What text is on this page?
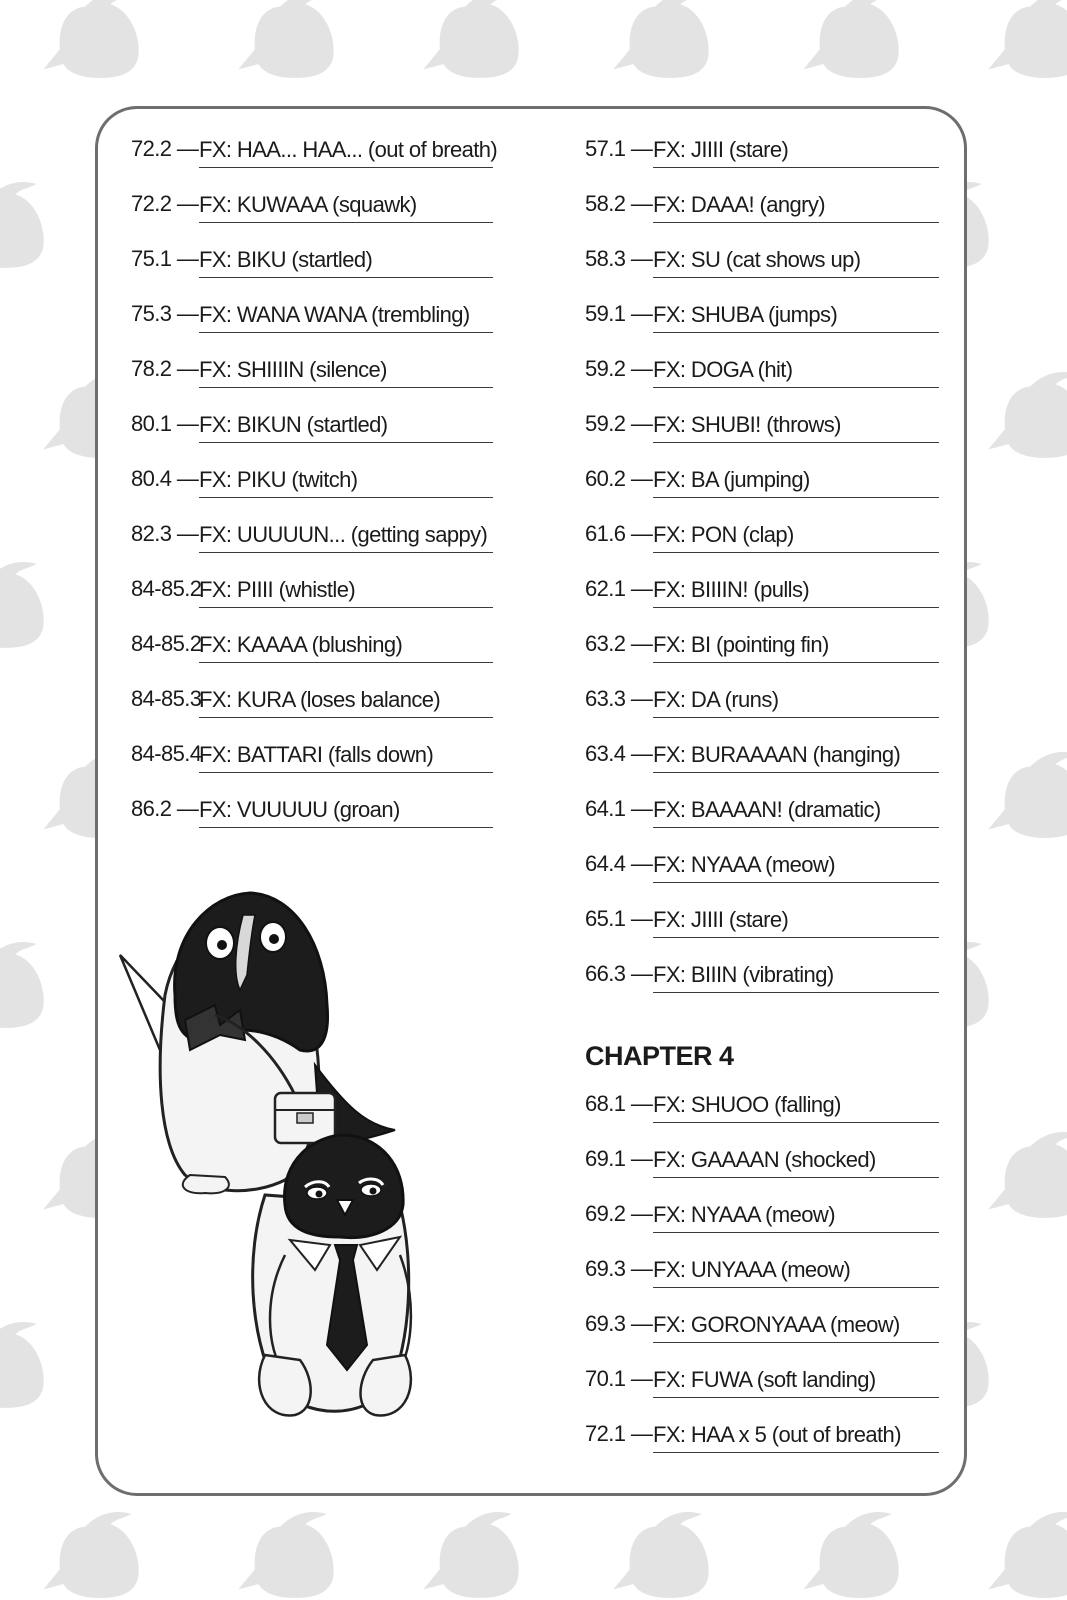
72.2 — FX: HAA... HAA... (out of breath)
72.2 — FX: KUWAAA (squawk)
75.1 — FX: BIKU (startled)
75.3 — FX: WANA WANA (trembling)
78.2 — FX: SHIIIIN (silence)
80.1 — FX: BIKUN (startled)
80.4 — FX: PIKU (twitch)
82.3 — FX: UUUUUN... (getting sappy)
84-85.2
FX: PIIII (whistle)
84-85.2
FX: KAAAA (blushing)
84-85.3
FX: KURA (loses balance)
84-85.4
FX: BATTARI (falls down)
86.2 — FX: VUUUUU (groan)
57.1 — FX: JIIII (stare)
58.2 — FX: DAAA! (angry)
58.3 — FX: SU (cat shows up)
59.1 — FX: SHUBA (jumps)
59.2 — FX: DOGA (hit)
59.2 — FX: SHUBI! (throws)
60.2 — FX: BA (jumping)
61.6 — FX: PON (clap)
62.1 — FX: BIIIIN! (pulls)
63.2 — FX: BI (pointing fin)
63.3 — FX: DA (runs)
63.4 — FX: BURAAAAN (hanging)
64.1 — FX: BAAAAN! (dramatic)
64.4 — FX: NYAAA (meow)
65.1 — FX: JIIII (stare)
66.3 — FX: BIIIN (vibrating)
CHAPTER 4
68.1 — FX: SHUOO (falling)
69.1 — FX: GAAAAN (shocked)
69.2 — FX: NYAAA (meow)
69.3 — FX: UNYAAA (meow)
69.3 — FX: GORONYAAA (meow)
70.1 — FX: FUWA (soft landing)
72.1 — FX: HAA x 5 (out of breath)
